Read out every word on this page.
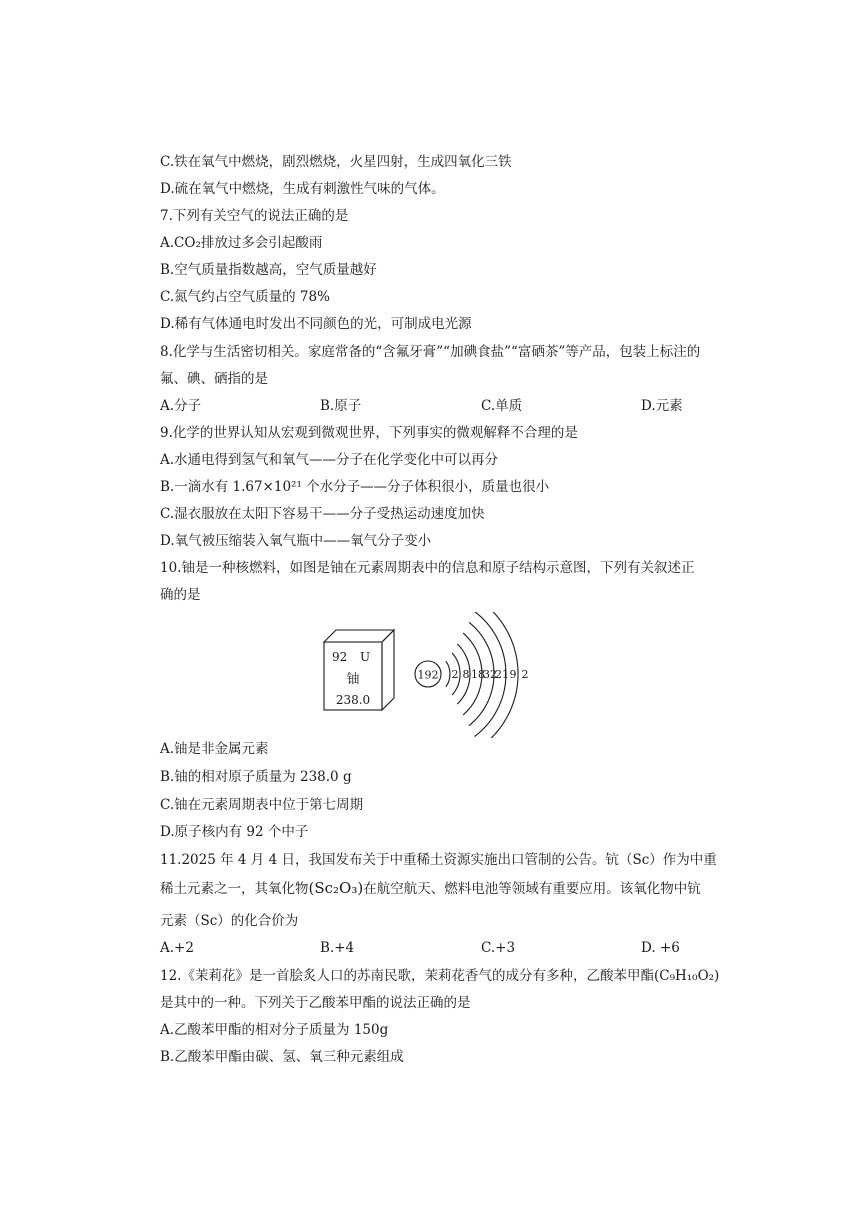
C.铁在氧气中燃烧，剧烈燃烧，火星四射，生成四氧化三铁
D.硫在氧气中燃烧，生成有刺激性气味的气体。
7.下列有关空气的说法正确的是
A.CO₂排放过多会引起酸雨
B.空气质量指数越高，空气质量越好
C.氮气约占空气质量的 78%
D.稀有气体通电时发出不同颜色的光，可制成电光源
8.化学与生活密切相关。家庭常备的“含氟牙膏”“加碘食盐”“富硒茶”等产品，包装上标注的
氟、碘、硒指的是
A.分子	B.原子	C.单质	D.元素
9.化学的世界认知从宏观到微观世界，下列事实的微观解释不合理的是
A.水通电得到氢气和氧气——分子在化学变化中可以再分
B.一滴水有 1.67×10²¹ 个水分子——分子体积很小，质量也很小
C.湿衣服放在太阳下容易干——分子受热运动速度加快
D.氧气被压缩装入氧气瓶中——氧气分子变小
10.铀是一种核燃料，如图是铀在元素周期表中的信息和原子结构示意图，下列有关叙述正
确的是
92 U
铀
238.0
192 2 8 18
32
21 9 2
A.铀是非金属元素
B.铀的相对原子质量为 238.0 g
C.铀在元素周期表中位于第七周期
D.原子核内有 92 个中子
11.2025 年 4 月 4 日，我国发布关于中重稀土资源实施出口管制的公告。钪（Sc）作为中重
稀土元素之一，其氧化物(Sc₂O₃)在航空航天、燃料电池等领域有重要应用。该氧化物中钪
元素（Sc）的化合价为
A.+2	B.+4	C.+3	D. +6
12.《茉莉花》是一首脍炙人口的苏南民歌，茉莉花香气的成分有多种，乙酸苯甲酯(C₉H₁₀O₂)
是其中的一种。下列关于乙酸苯甲酯的说法正确的是
A.乙酸苯甲酯的相对分子质量为 150g
B.乙酸苯甲酯由碳、氢、氧三种元素组成
